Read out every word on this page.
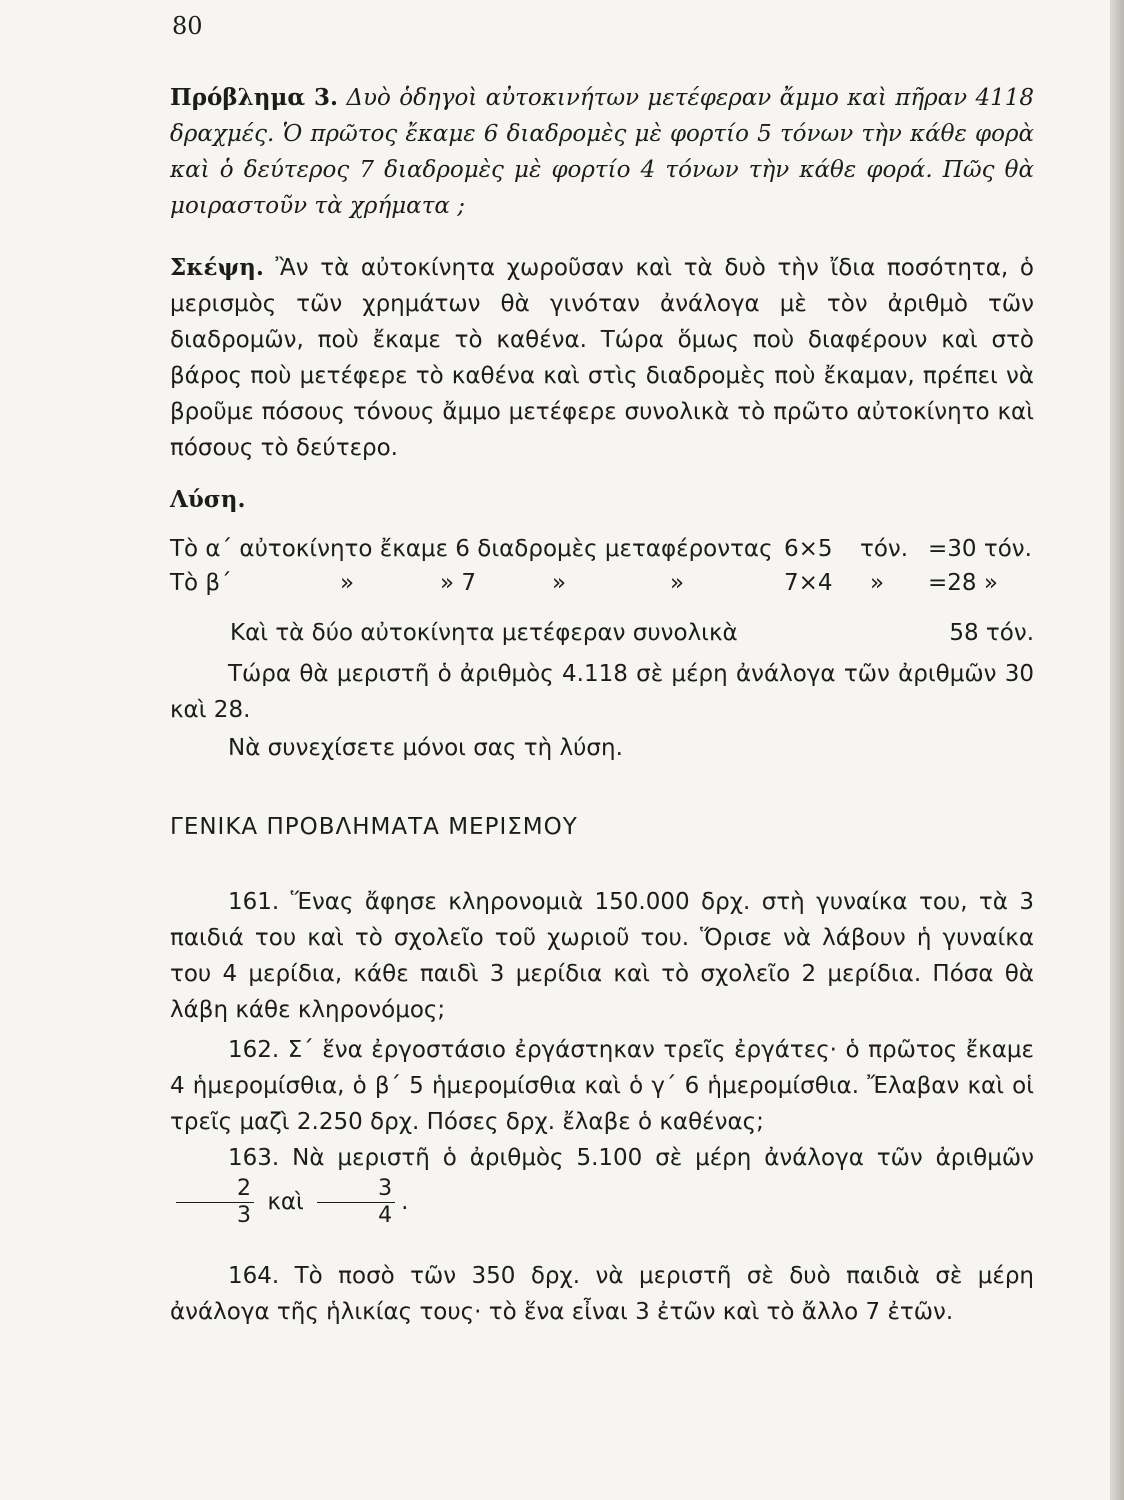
80
Πρόβλημα 3. Δυὸ ὁδηγοὶ αὐτοκινήτων μετέφεραν ἄμμο καὶ πῆραν 4118 δραχμές. Ὁ πρῶτος ἔκαμε 6 διαδρομὲς μὲ φορτίο 5 τόνων τὴν κάθε φορὰ καὶ ὁ δεύτερος 7 διαδρομὲς μὲ φορτίο 4 τόνων τὴν κάθε φορά. Πῶς θὰ μοιραστοῦν τὰ χρήματα ;
Σκέψη. Ἂν τὰ αὐτοκίνητα χωροῦσαν καὶ τὰ δυὸ τὴν ἴδια ποσότητα, ὁ μερισμὸς τῶν χρημάτων θὰ γινόταν ἀνάλογα μὲ τὸν ἀριθμὸ τῶν διαδρομῶν, ποὺ ἔκαμε τὸ καθένα. Τώρα ὅμως ποὺ διαφέρουν καὶ στὸ βάρος ποὺ μετέφερε τὸ καθένα καὶ στὶς διαδρομὲς ποὺ ἔκαμαν, πρέπει νὰ βροῦμε πόσους τόνους ἄμμο μετέφερε συνολικὰ τὸ πρῶτο αὐτοκίνητο καὶ πόσους τὸ δεύτερο.
Λύση.
Τὸ α΄ αὐτοκίνητο ἔκαμε 6 διαδρομὲς μεταφέροντας 6×5 τόν. =30 τόν.
Τὸ β΄	»	» 7	»	»	7×4 » =28 »
Καὶ τὰ δύο αὐτοκίνητα μετέφεραν συνολικὰ	58 τόν.
Τώρα θὰ μεριστῆ ὁ ἀριθμὸς 4.118 σὲ μέρη ἀνάλογα τῶν ἀριθμῶν 30 καὶ 28.
Νὰ συνεχίσετε μόνοι σας τὴ λύση.
ΓΕΝΙΚΑ ΠΡΟΒΛΗΜΑΤΑ ΜΕΡΙΣΜΟΥ
161. Ἕνας ἄφησε κληρονομιὰ 150.000 δρχ. στὴ γυναίκα του, τὰ 3 παιδιά του καὶ τὸ σχολεῖο τοῦ χωριοῦ του. Ὅρισε νὰ λάβουν ἡ γυναίκα του 4 μερίδια, κάθε παιδὶ 3 μερίδια καὶ τὸ σχολεῖο 2 μερίδια. Πόσα θὰ λάβη κάθε κληρονόμος;
162. Σ΄ ἕνα ἐργοστάσιο ἐργάστηκαν τρεῖς ἐργάτες· ὁ πρῶτος ἔκαμε 4 ἡμερομίσθια, ὁ β΄ 5 ἡμερομίσθια καὶ ὁ γ΄ 6 ἡμερομίσθια. Ἔλαβαν καὶ οἱ τρεῖς μαζὶ 2.250 δρχ. Πόσες δρχ. ἔλαβε ὁ καθένας;
163. Νὰ μεριστῆ ὁ ἀριθμὸς 5.100 σὲ μέρη ἀνάλογα τῶν ἀριθμῶν
$\frac{2}{3}$ καὶ $\frac{3}{4}$ .
164. Τὸ ποσὸ τῶν 350 δρχ. νὰ μεριστῆ σὲ δυὸ παιδιὰ σὲ μέρη ἀνάλογα τῆς ἡλικίας τους· τὸ ἕνα εἶναι 3 ἐτῶν καὶ τὸ ἄλλο 7 ἐτῶν.
